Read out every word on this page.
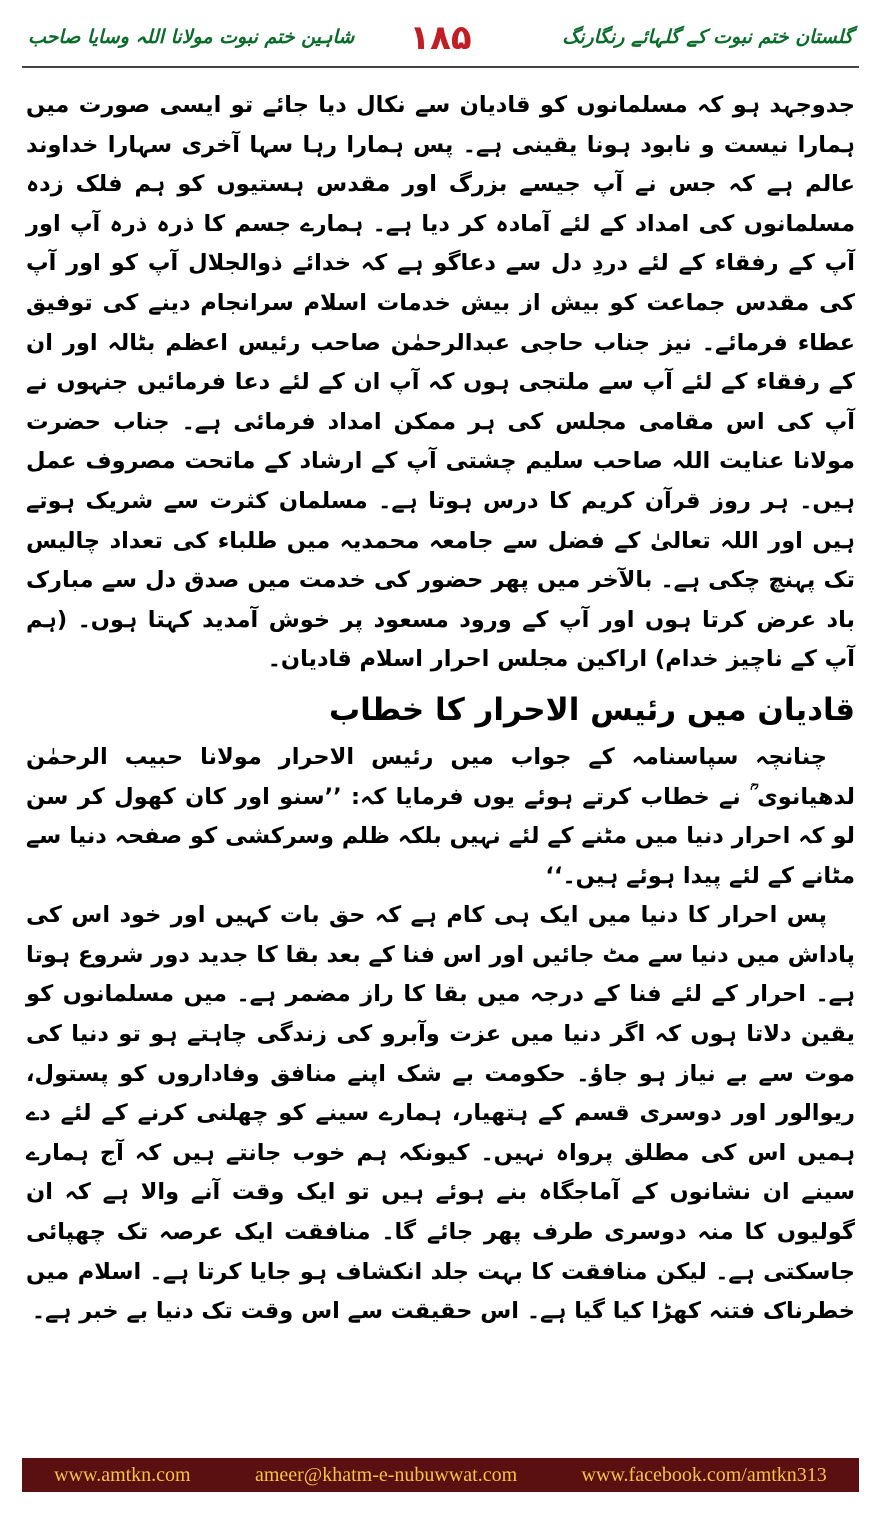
شاہین ختم نبوت مولانا اللہ وسایا صاحب	۱۸۵	گلستان ختم نبوت کے گلہائے رنگارنگ

جدوجہد ہو کہ مسلمانوں کو قادیان سے نکال دیا جائے تو ایسی صورت میں ہمارا نیست و نابود ہونا یقینی ہے۔ پس ہمارا رہا سہا آخری سہارا خداوند عالم ہے کہ جس نے آپ جیسے بزرگ اور مقدس ہستیوں کو ہم فلک زدہ مسلمانوں کی امداد کے لئے آمادہ کر دیا ہے۔ ہمارے جسم کا ذرہ ذرہ آپ اور آپ کے رفقاء کے لئے دردِ دل سے دعاگو ہے کہ خدائے ذوالجلال آپ کو اور آپ کی مقدس جماعت کو بیش از بیش خدمات اسلام سرانجام دینے کی توفیق عطاء فرمائے۔ نیز جناب حاجی عبدالرحمٰن صاحب رئیس اعظم بٹالہ اور ان کے رفقاء کے لئے آپ سے ملتجی ہوں کہ آپ ان کے لئے دعا فرمائیں جنہوں نے آپ کی اس مقامی مجلس کی ہر ممکن امداد فرمائی ہے۔ جناب حضرت مولانا عنایت اللہ صاحب سلیم چشتی آپ کے ارشاد کے ماتحت مصروف عمل ہیں۔ ہر روز قرآن کریم کا درس ہوتا ہے۔ مسلمان کثرت سے شریک ہوتے ہیں اور اللہ تعالیٰ کے فضل سے جامعہ محمدیہ میں طلباء کی تعداد چالیس تک پہنچ چکی ہے۔ بالآخر میں پھر حضور کی خدمت میں صدق دل سے مبارک باد عرض کرتا ہوں اور آپ کے ورود مسعود پر خوش آمدید کہتا ہوں۔ (ہم آپ کے ناچیز خدام) اراکین مجلس احرار اسلام قادیان۔

قادیان میں رئیس الاحرار کا خطاب

چنانچہ سپاسنامہ کے جواب میں رئیس الاحرار مولانا حبیب الرحمٰن لدھیانوی ؒ نے خطاب کرتے ہوئے یوں فرمایا کہ: ’’سنو اور کان کھول کر سن لو کہ احرار دنیا میں مٹنے کے لئے نہیں بلکہ ظلم وسرکشی کو صفحہ دنیا سے مٹانے کے لئے پیدا ہوئے ہیں۔‘‘

پس احرار کا دنیا میں ایک ہی کام ہے کہ حق بات کہیں اور خود اس کی پاداش میں دنیا سے مٹ جائیں اور اس فنا کے بعد بقا کا جدید دور شروع ہوتا ہے۔ احرار کے لئے فنا کے درجہ میں بقا کا راز مضمر ہے۔ میں مسلمانوں کو یقین دلاتا ہوں کہ اگر دنیا میں عزت وآبرو کی زندگی چاہتے ہو تو دنیا کی موت سے بے نیاز ہو جاؤ۔ حکومت بے شک اپنے منافق وفاداروں کو پستول، ریوالور اور دوسری قسم کے ہتھیار، ہمارے سینے کو چھلنی کرنے کے لئے دے ہمیں اس کی مطلق پرواہ نہیں۔ کیونکہ ہم خوب جانتے ہیں کہ آج ہمارے سینے ان نشانوں کے آماجگاہ بنے ہوئے ہیں تو ایک وقت آنے والا ہے کہ ان گولیوں کا منہ دوسری طرف پھر جائے گا۔ منافقت ایک عرصہ تک چھپائی جاسکتی ہے۔ لیکن منافقت کا بہت جلد انکشاف ہو جایا کرتا ہے۔ اسلام میں خطرناک فتنہ کھڑا کیا گیا ہے۔ اس حقیقت سے اس وقت تک دنیا بے خبر ہے۔

www.amtkn.com	ameer@khatm-e-nubuwwat.com	www.facebook.com/amtkn313
